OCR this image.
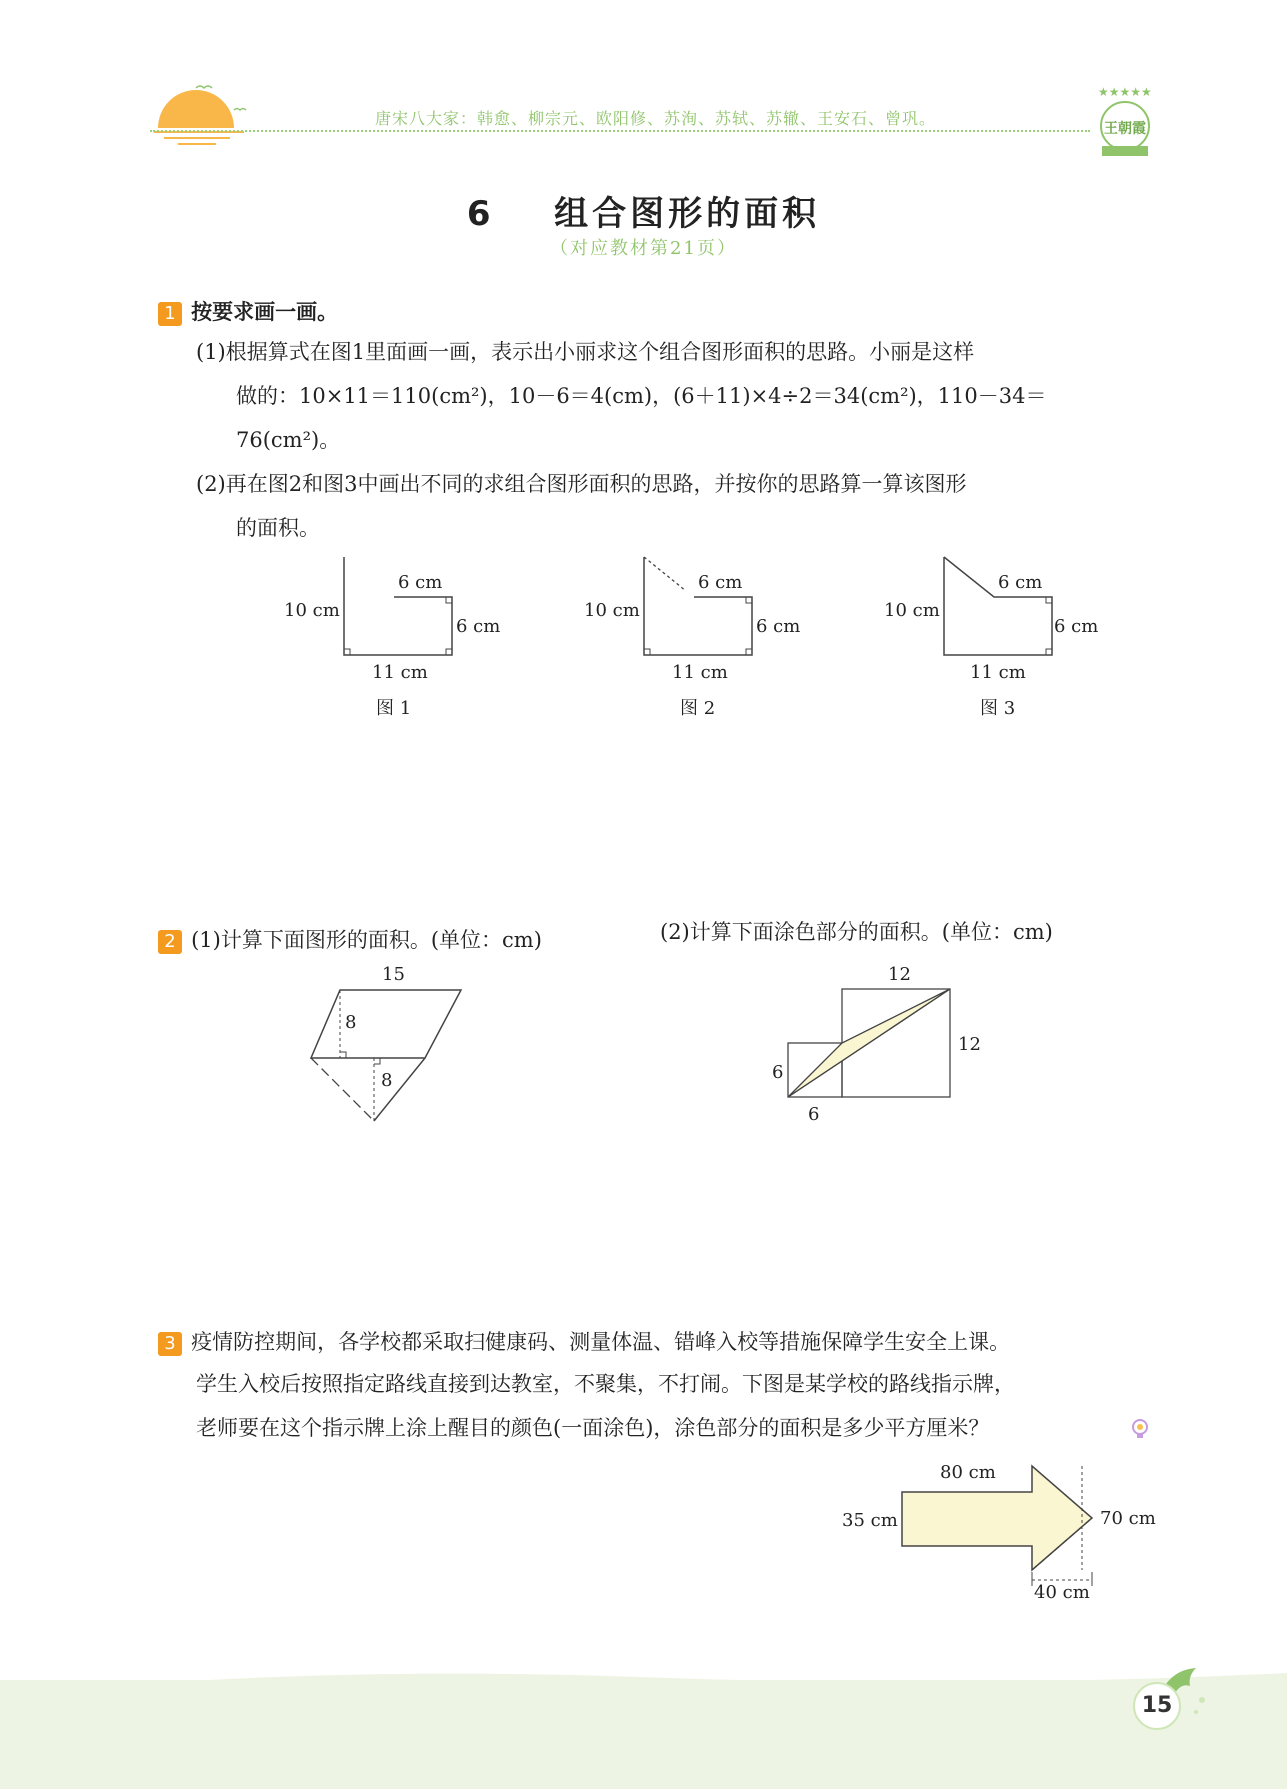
唐宋八大家：韩愈、柳宗元、欧阳修、苏洵、苏轼、苏辙、王安石、曾巩。
★★★★★
王朝霞
6 组合图形的面积
（对应教材第21页）
1 按要求画一画。
(1)根据算式在图1里面画一画，表示出小丽求这个组合图形面积的思路。小丽是这样
做的：10×11＝110(cm²)，10－6＝4(cm)，(6＋11)×4÷2＝34(cm²)，110－34＝
76(cm²)。
(2)再在图2和图3中画出不同的求组合图形面积的思路，并按你的思路算一算该图形
的面积。
10 cm
6 cm
6 cm
11 cm
图 1
10 cm
6 cm
6 cm
11 cm
图 2
10 cm
6 cm
6 cm
11 cm
图 3
2 (1)计算下面图形的面积。(单位：cm)	(2)计算下面涂色部分的面积。(单位：cm)
15
8
8
12
12
6
6
3 疫情防控期间，各学校都采取扫健康码、测量体温、错峰入校等措施保障学生安全上课。
学生入校后按照指定路线直接到达教室，不聚集，不打闹。下图是某学校的路线指示牌，
老师要在这个指示牌上涂上醒目的颜色(一面涂色)，涂色部分的面积是多少平方厘米？
80 cm
35 cm	70 cm
40 cm
15
